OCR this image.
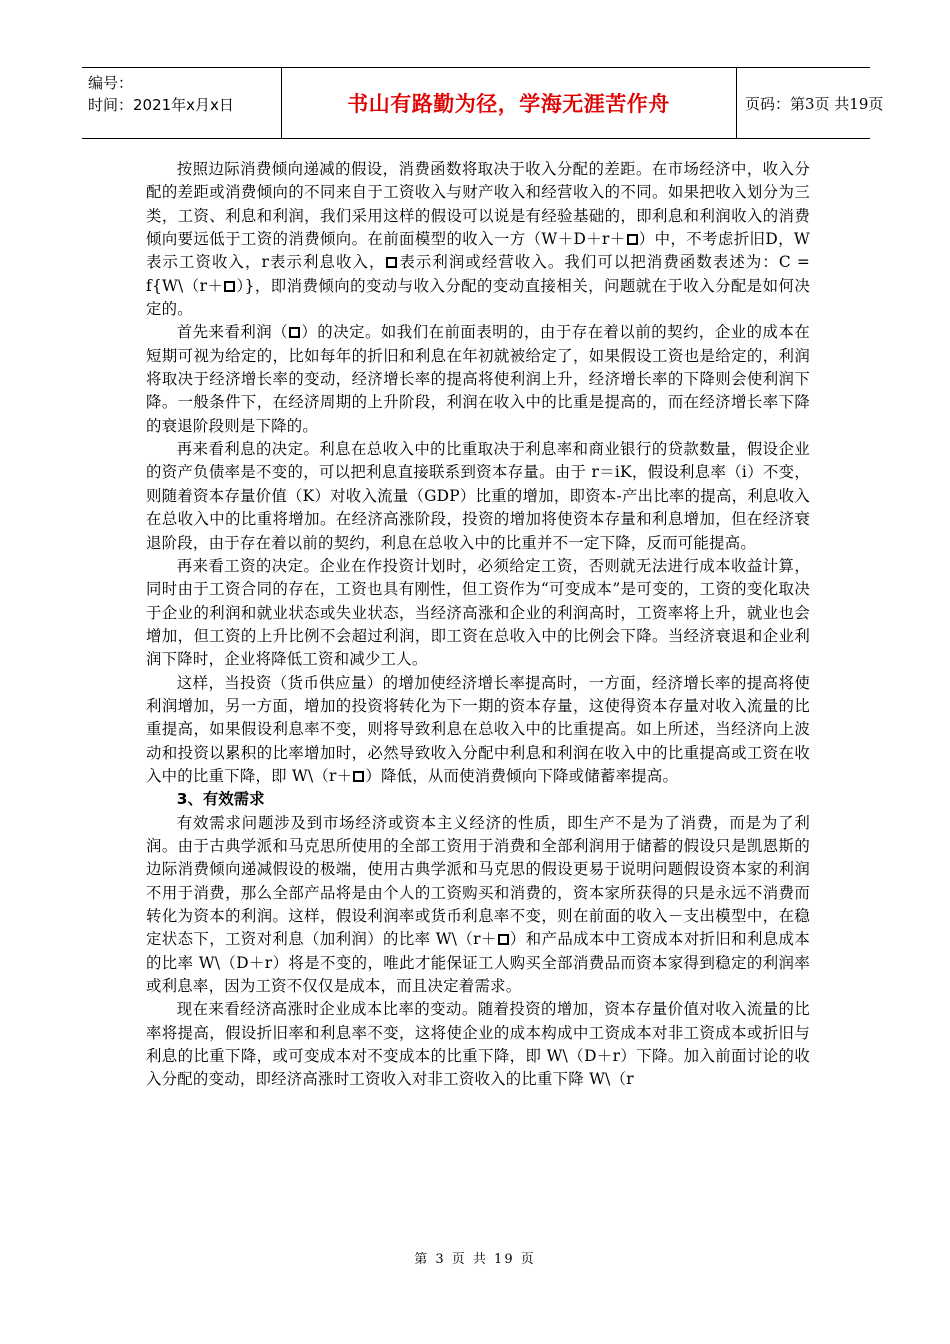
编号：
时间：2021年x月x日	书山有路勤为径，学海无涯苦作舟	页码：第3页 共19页

按照边际消费倾向递减的假设，消费函数将取决于收入分配的差距。在市场经济中，收入分配的差距或消费倾向的不同来自于工资收入与财产收入和经营收入的不同。如果把收入划分为三类，工资、利息和利润，我们采用这样的假设可以说是有经验基础的，即利息和利润收入的消费倾向要远低于工资的消费倾向。在前面模型的收入一方（W＋D＋r＋ ）中，不考虑折旧D，W表示工资收入，r表示利息收入， 表示利润或经营收入。我们可以把消费函数表述为：C = f{W\（r＋ ）}，即消费倾向的变动与收入分配的变动直接相关，问题就在于收入分配是如何决定的。

首先来看利润（ ）的决定。如我们在前面表明的，由于存在着以前的契约，企业的成本在短期可视为给定的，比如每年的折旧和利息在年初就被给定了，如果假设工资也是给定的，利润将取决于经济增长率的变动，经济增长率的提高将使利润上升，经济增长率的下降则会使利润下降。一般条件下，在经济周期的上升阶段，利润在收入中的比重是提高的，而在经济增长率下降的衰退阶段则是下降的。

再来看利息的决定。利息在总收入中的比重取决于利息率和商业银行的贷款数量，假设企业的资产负债率是不变的，可以把利息直接联系到资本存量。由于 r＝iK，假设利息率（i）不变，则随着资本存量价值（K）对收入流量（GDP）比重的增加，即资本-产出比率的提高，利息收入在总收入中的比重将增加。在经济高涨阶段，投资的增加将使资本存量和利息增加，但在经济衰退阶段，由于存在着以前的契约，利息在总收入中的比重并不一定下降，反而可能提高。

再来看工资的决定。企业在作投资计划时，必须给定工资，否则就无法进行成本收益计算，同时由于工资合同的存在，工资也具有刚性，但工资作为“可变成本”是可变的，工资的变化取决于企业的利润和就业状态或失业状态，当经济高涨和企业的利润高时，工资率将上升，就业也会增加，但工资的上升比例不会超过利润，即工资在总收入中的比例会下降。当经济衰退和企业利润下降时，企业将降低工资和减少工人。

这样，当投资（货币供应量）的增加使经济增长率提高时，一方面，经济增长率的提高将使利润增加，另一方面，增加的投资将转化为下一期的资本存量，这使得资本存量对收入流量的比重提高，如果假设利息率不变，则将导致利息在总收入中的比重提高。如上所述，当经济向上波动和投资以累积的比率增加时，必然导致收入分配中利息和利润在收入中的比重提高或工资在收入中的比重下降，即 W\（r＋ ）降低，从而使消费倾向下降或储蓄率提高。

3、有效需求

有效需求问题涉及到市场经济或资本主义经济的性质，即生产不是为了消费，而是为了利润。由于古典学派和马克思所使用的全部工资用于消费和全部利润用于储蓄的假设只是凯恩斯的边际消费倾向递减假设的极端，使用古典学派和马克思的假设更易于说明问题假设资本家的利润不用于消费，那么全部产品将是由个人的工资购买和消费的，资本家所获得的只是永远不消费而转化为资本的利润。这样，假设利润率或货币利息率不变，则在前面的收入－支出模型中，在稳定状态下，工资对利息（加利润）的比率 W\（r＋ ）和产品成本中工资成本对折旧和利息成本的比率 W\（D＋r）将是不变的，唯此才能保证工人购买全部消费品而资本家得到稳定的利润率或利息率，因为工资不仅仅是成本，而且决定着需求。

现在来看经济高涨时企业成本比率的变动。随着投资的增加，资本存量价值对收入流量的比率将提高，假设折旧率和利息率不变，这将使企业的成本构成中工资成本对非工资成本或折旧与利息的比重下降，或可变成本对不变成本的比重下降，即 W\（D＋r）下降。加入前面讨论的收入分配的变动，即经济高涨时工资收入对非工资收入的比重下降 W\（r

第 3 页 共 19 页
